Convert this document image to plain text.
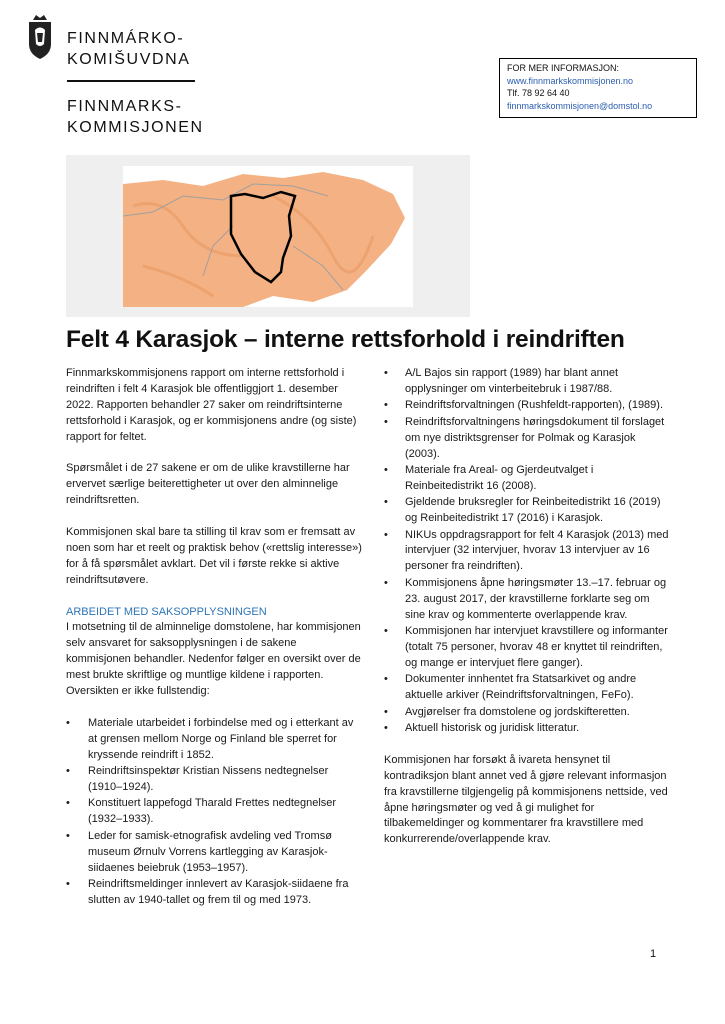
FINNMÁRKO-
KOMIŠUVDNA
FINNMARKS-
KOMMISJONEN
FOR MER INFORMASJON:
www.finnmarkskommisjonen.no
Tlf. 78 92 64 40
finnmarkskommisjonen@domstol.no
Felt 4 Karasjok – interne rettsforhold i reindriften

Finnmarkskommisjonens rapport om interne rettsforhold i reindriften i felt 4 Karasjok ble offentliggjort 1. desember 2022. Rapporten behandler 27 saker om reindriftsinterne rettsforhold i Karasjok, og er kommisjonens andre (og siste) rapport for feltet.

Spørsmålet i de 27 sakene er om de ulike kravstillerne har ervervet særlige beiterettigheter ut over den alminnelige reindriftsretten.

Kommisjonen skal bare ta stilling til krav som er fremsatt av noen som har et reelt og praktisk behov («rettslig interesse») for å få spørsmålet avklart. Det vil i første rekke si aktive reindriftsutøvere.

ARBEIDET MED SAKSOPPLYSNINGEN

I motsetning til de alminnelige domstolene, har kommisjonen selv ansvaret for saksopplysningen i de sakene kommisjonen behandler. Nedenfor følger en oversikt over de mest brukte skriftlige og muntlige kildene i rapporten. Oversikten er ikke fullstendig:

• Materiale utarbeidet i forbindelse med og i etterkant av at grensen mellom Norge og Finland ble sperret for kryssende reindrift i 1852.
• Reindriftsinspektør Kristian Nissens nedtegnelser (1910–1924).
• Konstituert lappefogd Tharald Frettes nedtegnelser (1932–1933).
• Leder for samisk-etnografisk avdeling ved Tromsø museum Ørnulv Vorrens kartlegging av Karasjok-siidaenes beiebruk (1953–1957).
• Reindriftsmeldinger innlevert av Karasjok-siidaene fra slutten av 1940-tallet og frem til og med 1973.
• A/L Bajos sin rapport (1989) har blant annet opplysninger om vinterbeitebruk i 1987/88.
• Reindriftsforvaltningen (Rushfeldt-rapporten), (1989).
• Reindriftsforvaltningens høringsdokument til forslaget om nye distriktsgrenser for Polmak og Karasjok (2003).
• Materiale fra Areal- og Gjerdeutvalget i Reinbeitedistrikt 16 (2008).
• Gjeldende bruksregler for Reinbeitedistrikt 16 (2019) og Reinbeitedistrikt 17 (2016) i Karasjok.
• NIKUs oppdragsrapport for felt 4 Karasjok (2013) med intervjuer (32 intervjuer, hvorav 13 intervjuer av 16 personer fra reindriften).
• Kommisjonens åpne høringsmøter 13.–17. februar og 23. august 2017, der kravstillerne forklarte seg om sine krav og kommenterte overlappende krav.
• Kommisjonen har intervjuet kravstillere og informanter (totalt 75 personer, hvorav 48 er knyttet til reindriften, og mange er intervjuet flere ganger).
• Dokumenter innhentet fra Statsarkivet og andre aktuelle arkiver (Reindriftsforvaltningen, FeFo).
• Avgjørelser fra domstolene og jordskifteretten.
• Aktuell historisk og juridisk litteratur.

Kommisjonen har forsøkt å ivareta hensynet til kontradiksjon blant annet ved å gjøre relevant informasjon fra kravstillerne tilgjengelig på kommisjonens nettside, ved åpne høringsmøter og ved å gi mulighet for tilbakemeldinger og kommentarer fra kravstillere med konkurrerende/overlappende krav.

1
